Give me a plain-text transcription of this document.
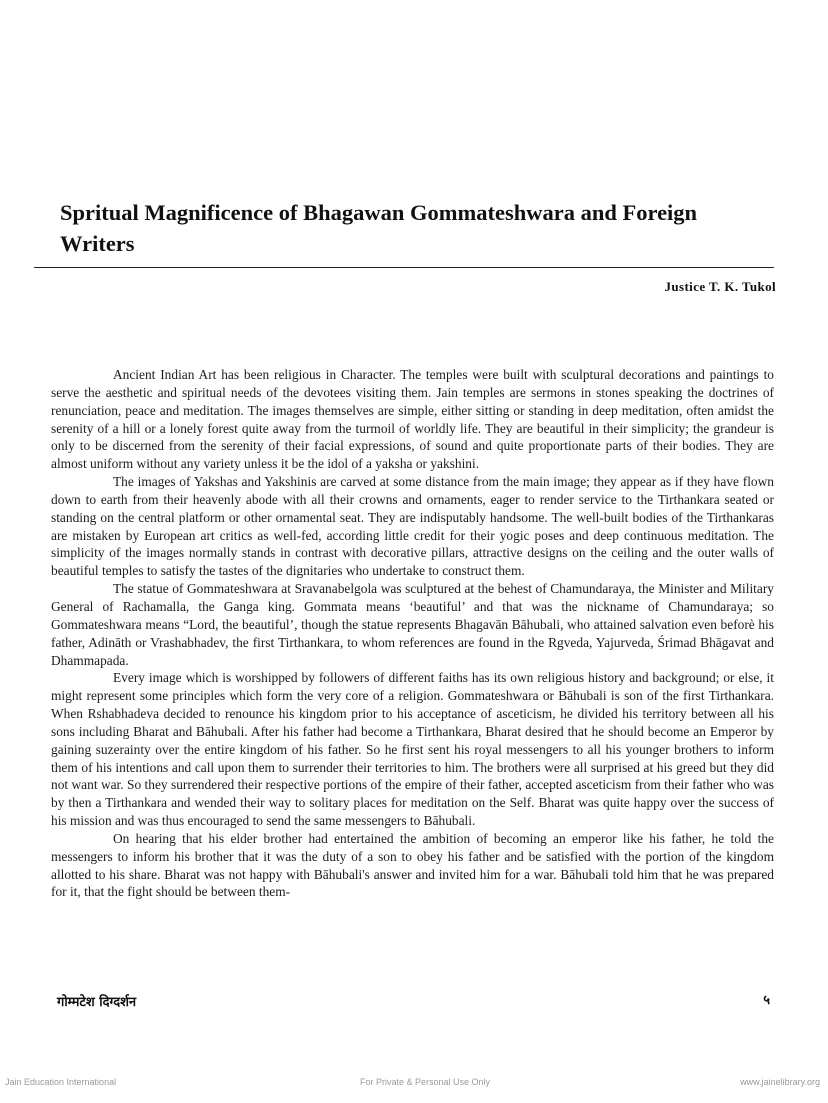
Spritual Magnificence of Bhagawan Gommateshwara and Foreign Writers
Justice T. K. Tukol

Ancient Indian Art has been religious in Character. The temples were built with sculptural decorations and paintings to serve the aesthetic and spiritual needs of the devotees visiting them. Jain temples are sermons in stones speaking the doctrines of renunciation, peace and meditation. The images themselves are simple, either sitting or standing in deep meditation, often amidst the serenity of a hill or a lonely forest quite away from the turmoil of worldly life. They are beautiful in their simplicity; the grandeur is only to be discerned from the serenity of their facial expressions, of sound and quite proportionate parts of their bodies. They are almost uniform without any variety unless it be the idol of a yaksha or yakshini.

The images of Yakshas and Yakshinis are carved at some distance from the main image; they appear as if they have flown down to earth from their heavenly abode with all their crowns and ornaments, eager to render service to the Tirthankara seated or standing on the central platform or other ornamental seat. They are indisputably handsome. The well-built bodies of the Tirthankaras are mistaken by European art critics as well-fed, according little credit for their yogic poses and deep continuous meditation. The simplicity of the images normally stands in contrast with decorative pillars, attractive designs on the ceiling and the outer walls of beautiful temples to satisfy the tastes of the dignitaries who undertake to construct them.

The statue of Gommateshwara at Sravanabelgola was sculptured at the behest of Chamundaraya, the Minister and Military General of Rachamalla, the Ganga king. Gommata means ‘beautiful’ and that was the nickname of Chamundaraya; so Gommateshwara means “Lord, the beautiful’, though the statue represents Bhagavān Bāhubali, who attained salvation even beforè his father, Adināth or Vrashabhadev, the first Tirthankara, to whom references are found in the Rgveda, Yajurveda, Śrimad Bhāgavat and Dhammapada.

Every image which is worshipped by followers of different faiths has its own religious history and background; or else, it might represent some principles which form the very core of a religion. Gommateshwara or Bāhubali is son of the first Tirthankara. When Rshabhadeva decided to renounce his kingdom prior to his acceptance of asceticism, he divided his territory between all his sons including Bharat and Bāhubali. After his father had become a Tirthankara, Bharat desired that he should become an Emperor by gaining suzerainty over the entire kingdom of his father. So he first sent his royal messengers to all his younger brothers to inform them of his intentions and call upon them to surrender their territories to him. The brothers were all surprised at his greed but they did not want war. So they surrendered their respective portions of the empire of their father, accepted asceticism from their father who was by then a Tirthankara and wended their way to solitary places for meditation on the Self. Bharat was quite happy over the success of his mission and was thus encouraged to send the same messengers to Bāhubali.

On hearing that his elder brother had entertained the ambition of becoming an emperor like his father, he told the messengers to inform his brother that it was the duty of a son to obey his father and be satisfied with the portion of the kingdom allotted to his share. Bharat was not happy with Bāhubali's answer and invited him for a war. Bāhubali told him that he was prepared for it, that the fight should be between them-

गोम्मटेश दिग्दर्शन	५
Jain Education International	For Private & Personal Use Only	www.jainelibrary.org
